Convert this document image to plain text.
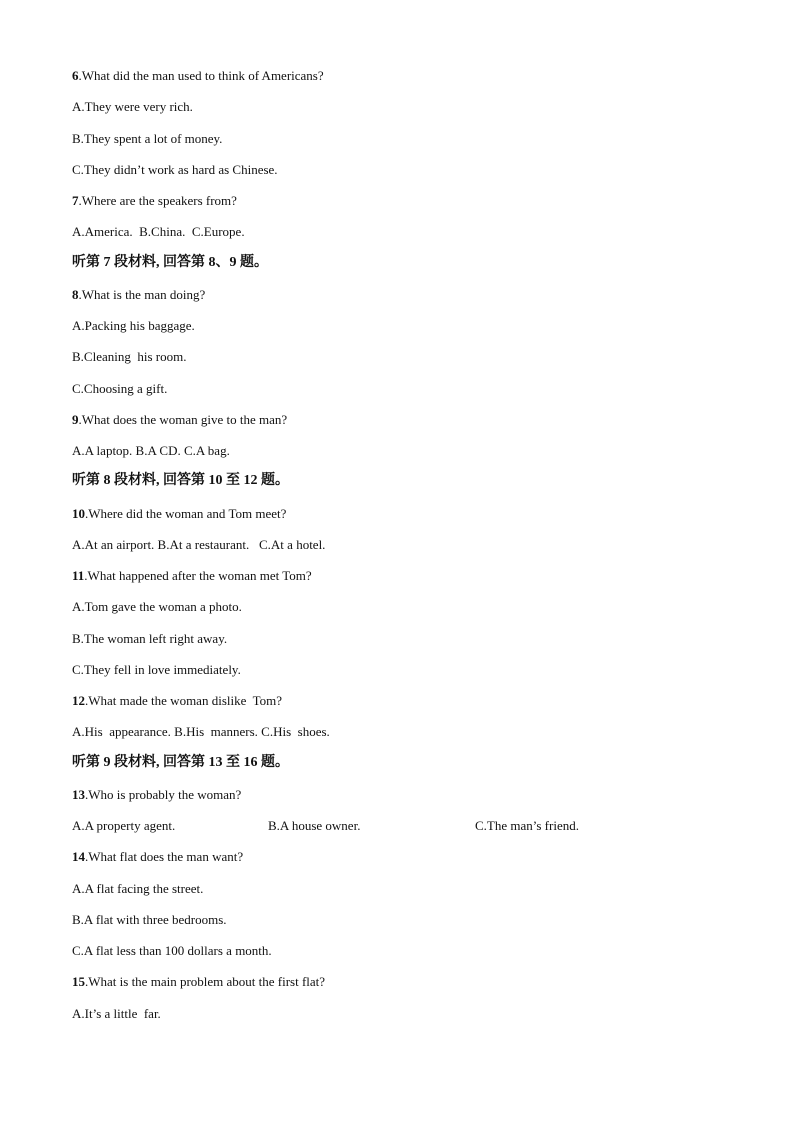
6.What did the man used to think of Americans?
A.They were very rich.
B.They spent a lot of money.
C.They didn’t work as hard as Chinese.
7.Where are the speakers from?
A.America.  B.China.  C.Europe.
听第 7 段材料, 回答第 8、9 题。
8.What is the man doing?
A.Packing his baggage.
B.Cleaning  his room.
C.Choosing a gift.
9.What does the woman give to the man?
A.A laptop. B.A CD. C.A bag.
听第 8 段材料, 回答第 10 至 12 题。
10.Where did the woman and Tom meet?
A.At an airport. B.At a restaurant.   C.At a hotel.
11.What happened after the woman met Tom?
A.Tom gave the woman a photo.
B.The woman left right away.
C.They fell in love immediately.
12.What made the woman dislike  Tom?
A.His  appearance. B.His  manners. C.His  shoes.
听第 9 段材料, 回答第 13 至 16 题。
13.Who is probably the woman?
A.A property agent.	B.A house owner.	C.The man’s friend.
14.What flat does the man want?
A.A flat facing the street.
B.A flat with three bedrooms.
C.A flat less than 100 dollars a month.
15.What is the main problem about the first flat?
A.It’s a little  far.
